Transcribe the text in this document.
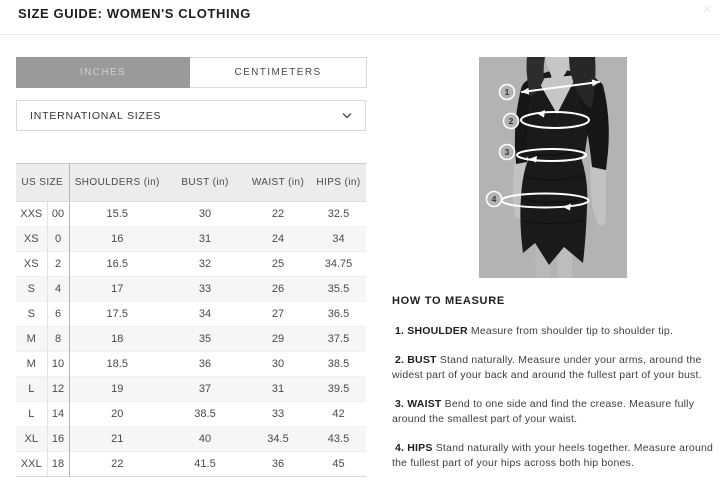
SIZE GUIDE: WOMEN'S CLOTHING	×
INCHES	CENTIMETERS
INTERNATIONAL SIZES
US SIZE		SHOULDERS (in)	BUST (in)	WAIST (in)	HIPS (in)
XXS	00	15.5	30	22	32.5
XS	0	16	31	24	34
XS	2	16.5	32	25	34.75
S	4	17	33	26	35.5
S	6	17.5	34	27	36.5
M	8	18	35	29	37.5
M	10	18.5	36	30	38.5
L	12	19	37	31	39.5
L	14	20	38.5	33	42
XL	16	21	40	34.5	43.5
XXL	18	22	41.5	36	45
1
2
3
4
HOW TO MEASURE

1. SHOULDER Measure from shoulder tip to shoulder tip.

2. BUST Stand naturally. Measure under your arms, around the widest part of your back and around the fullest part of your bust.

3. WAIST Bend to one side and find the crease. Measure fully around the smallest part of your waist.

4. HIPS Stand naturally with your heels together. Measure around the fullest part of your hips across both hip bones.
